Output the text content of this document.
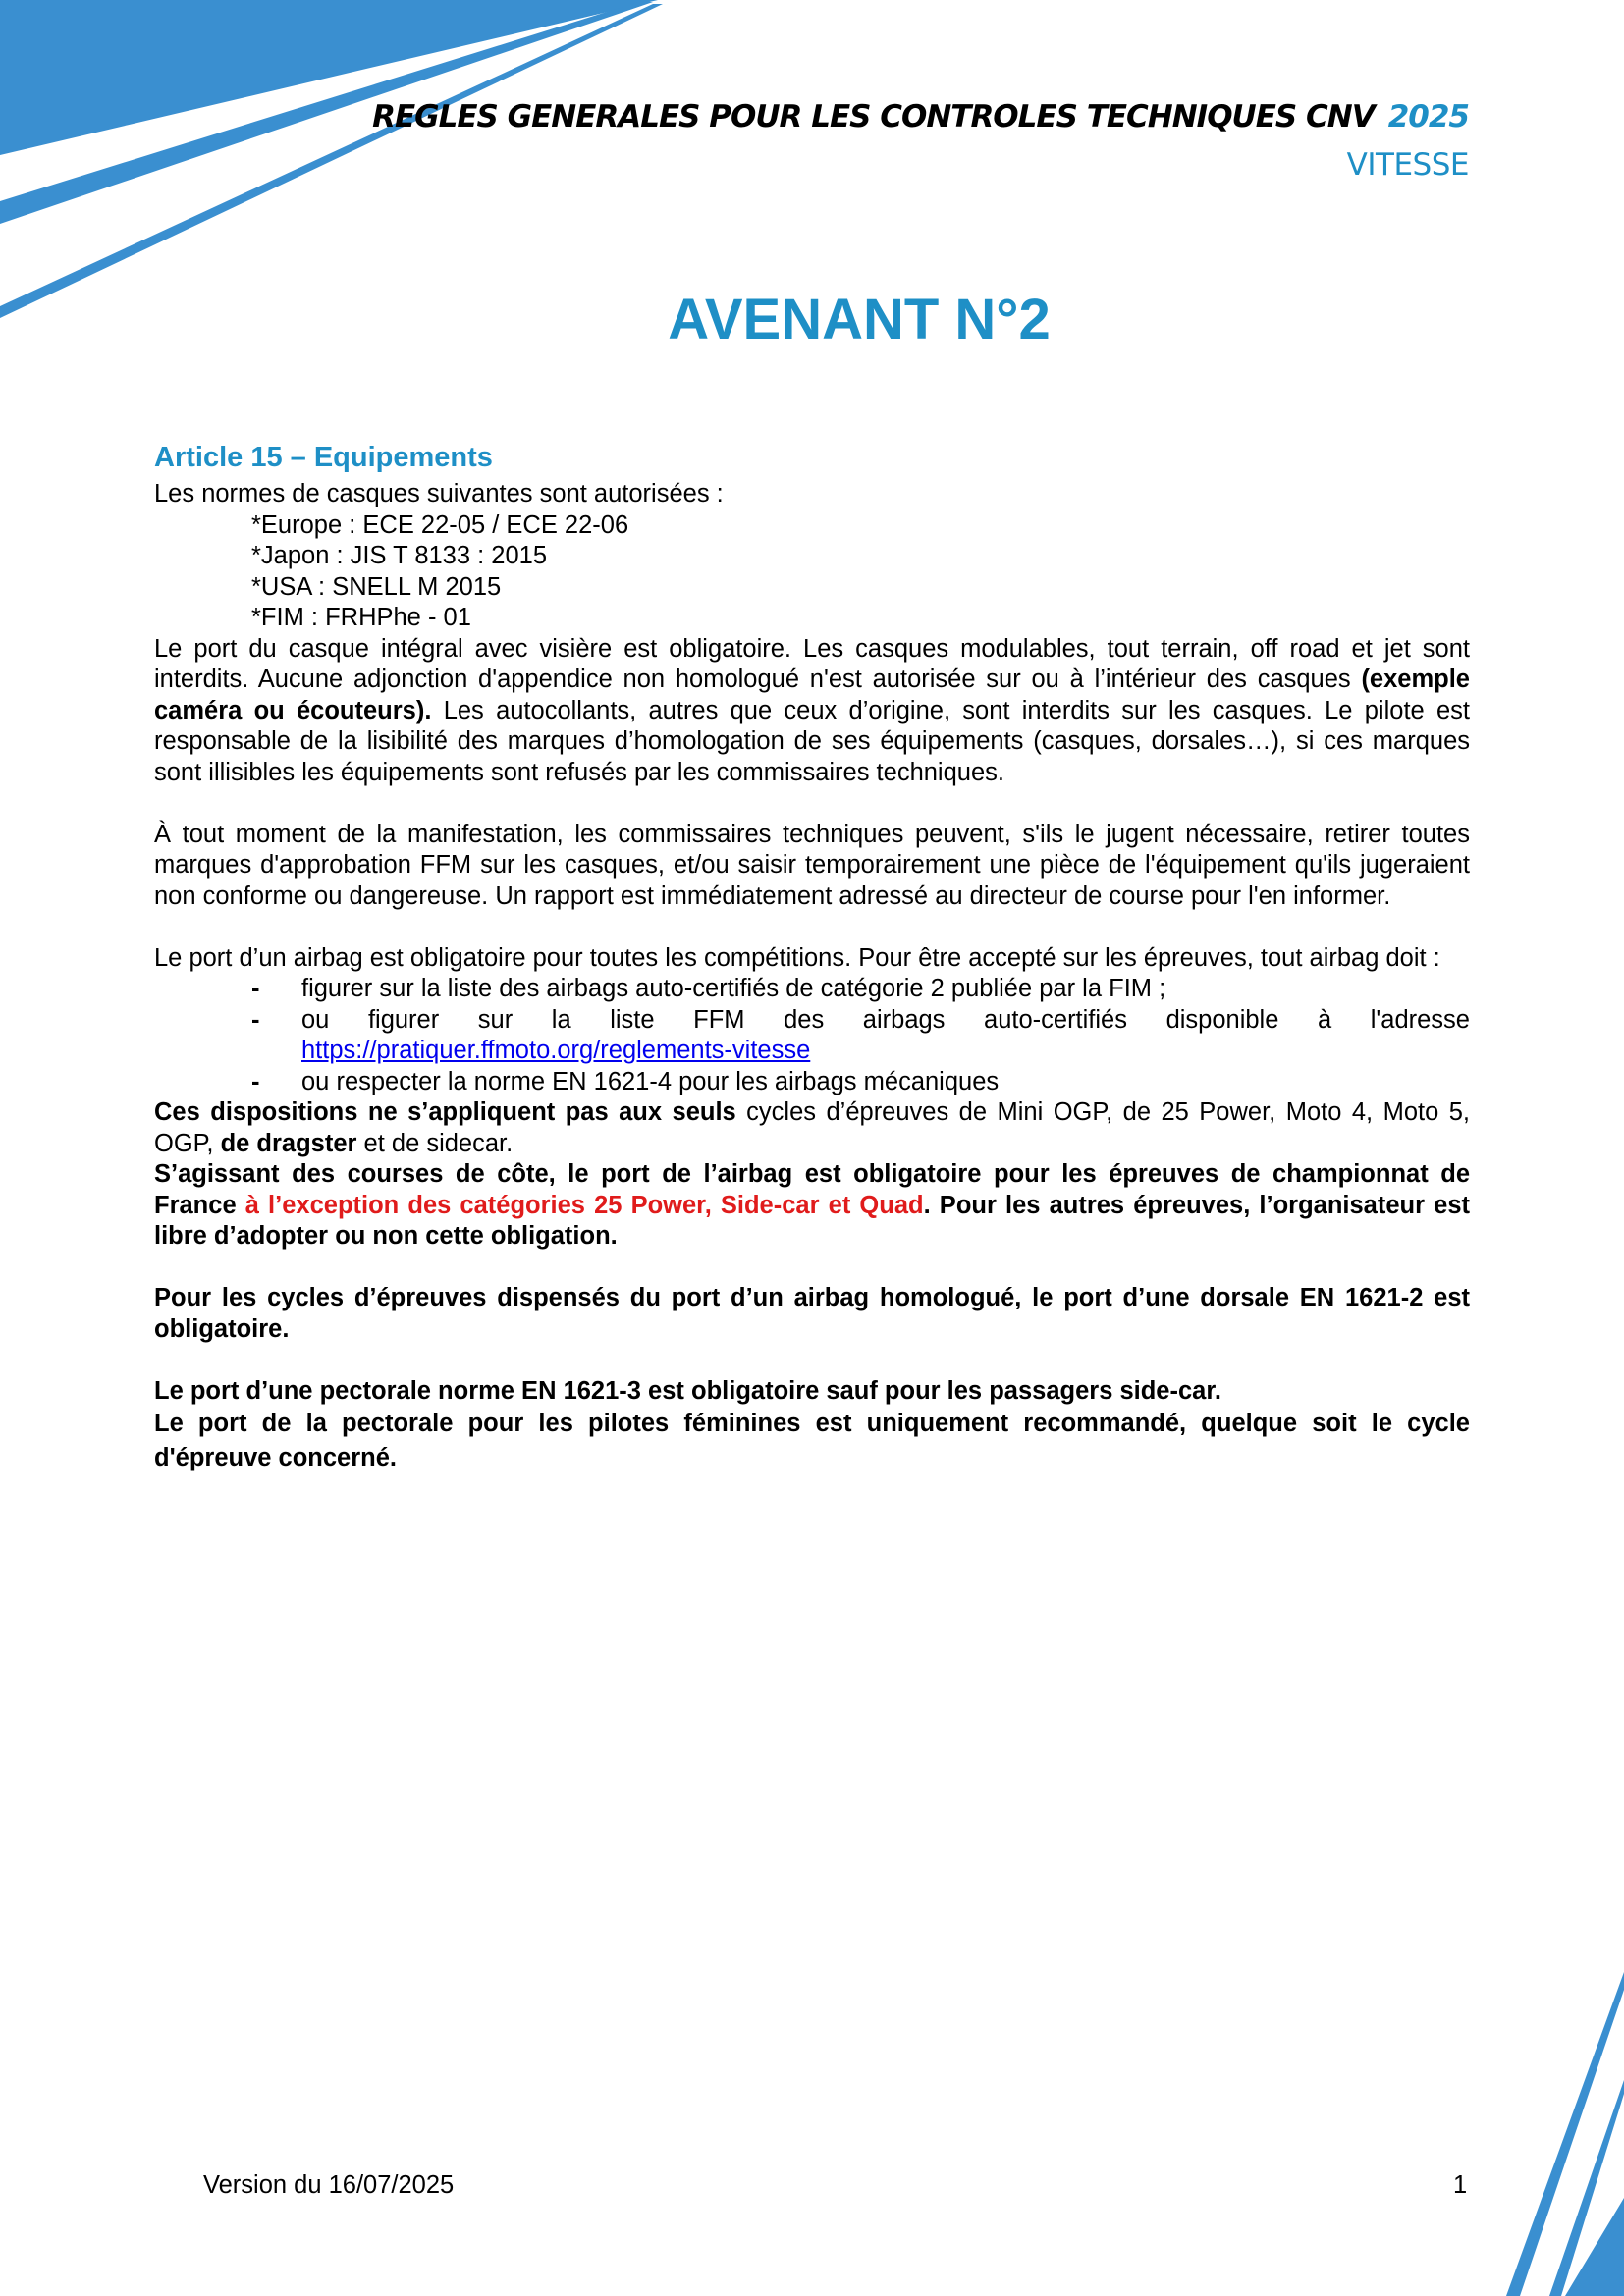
REGLES GENERALES POUR LES CONTROLES TECHNIQUES CNV 2025
VITESSE
AVENANT N°2
Article 15 – Equipements

Les normes de casques suivantes sont autorisées :

*Europe : ECE 22-05 / ECE 22-06

*Japon : JIS T 8133 : 2015

*USA : SNELL M 2015

*FIM : FRHPhe - 01

Le port du casque intégral avec visière est obligatoire. Les casques modulables, tout terrain, off road et jet sont interdits. Aucune adjonction d'appendice non homologué n'est autorisée sur ou à l’intérieur des casques (exemple caméra ou écouteurs). Les autocollants, autres que ceux d’origine, sont interdits sur les casques. Le pilote est responsable de la lisibilité des marques d’homologation de ses équipements (casques, dorsales…), si ces marques sont illisibles les équipements sont refusés par les commissaires techniques.

À tout moment de la manifestation, les commissaires techniques peuvent, s'ils le jugent nécessaire, retirer toutes marques d'approbation FFM sur les casques, et/ou saisir temporairement une pièce de l'équipement qu'ils jugeraient non conforme ou dangereuse. Un rapport est immédiatement adressé au directeur de course pour l'en informer.

Le port d’un airbag est obligatoire pour toutes les compétitions. Pour être accepté sur les épreuves, tout airbag doit :

- figurer sur la liste des airbags auto-certifiés de catégorie 2 publiée par la FIM ;
- ou figurer sur la liste FFM des airbags auto-certifiés disponible à l'adresse https://pratiquer.ffmoto.org/reglements-vitesse
- ou respecter la norme EN 1621-4 pour les airbags mécaniques

Ces dispositions ne s’appliquent pas aux seuls cycles d’épreuves de Mini OGP, de 25 Power, Moto 4, Moto 5, OGP, de dragster et de sidecar.

S’agissant des courses de côte, le port de l’airbag est obligatoire pour les épreuves de championnat de France à l’exception des catégories 25 Power, Side-car et Quad. Pour les autres épreuves, l’organisateur est libre d’adopter ou non cette obligation.

Pour les cycles d’épreuves dispensés du port d’un airbag homologué, le port d’une dorsale EN 1621-2 est obligatoire.

Le port d’une pectorale norme EN 1621-3 est obligatoire sauf pour les passagers side-car.

Le port de la pectorale pour les pilotes féminines est uniquement recommandé, quelque soit le cycle d'épreuve concerné.

Version du 16/07/2025	1
